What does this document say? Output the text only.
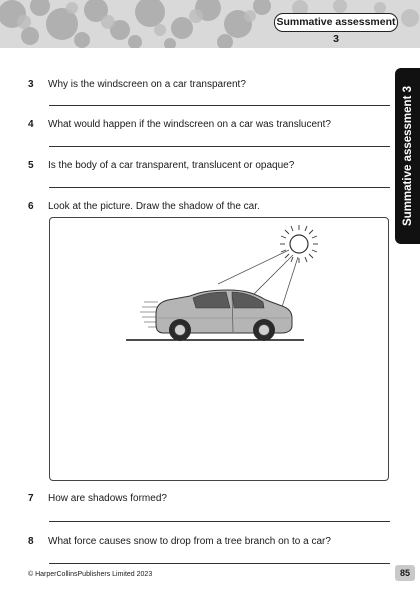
Summative assessment 3
Summative assessment 3
3	Why is the windscreen on a car transparent?
4	What would happen if the windscreen on a car was translucent?
5	Is the body of a car transparent, translucent or opaque?
6	Look at the picture. Draw the shadow of the car.
7	How are shadows formed?
8	What force causes snow to drop from a tree branch on to a car?
© HarperCollinsPublishers Limited 2023	85
